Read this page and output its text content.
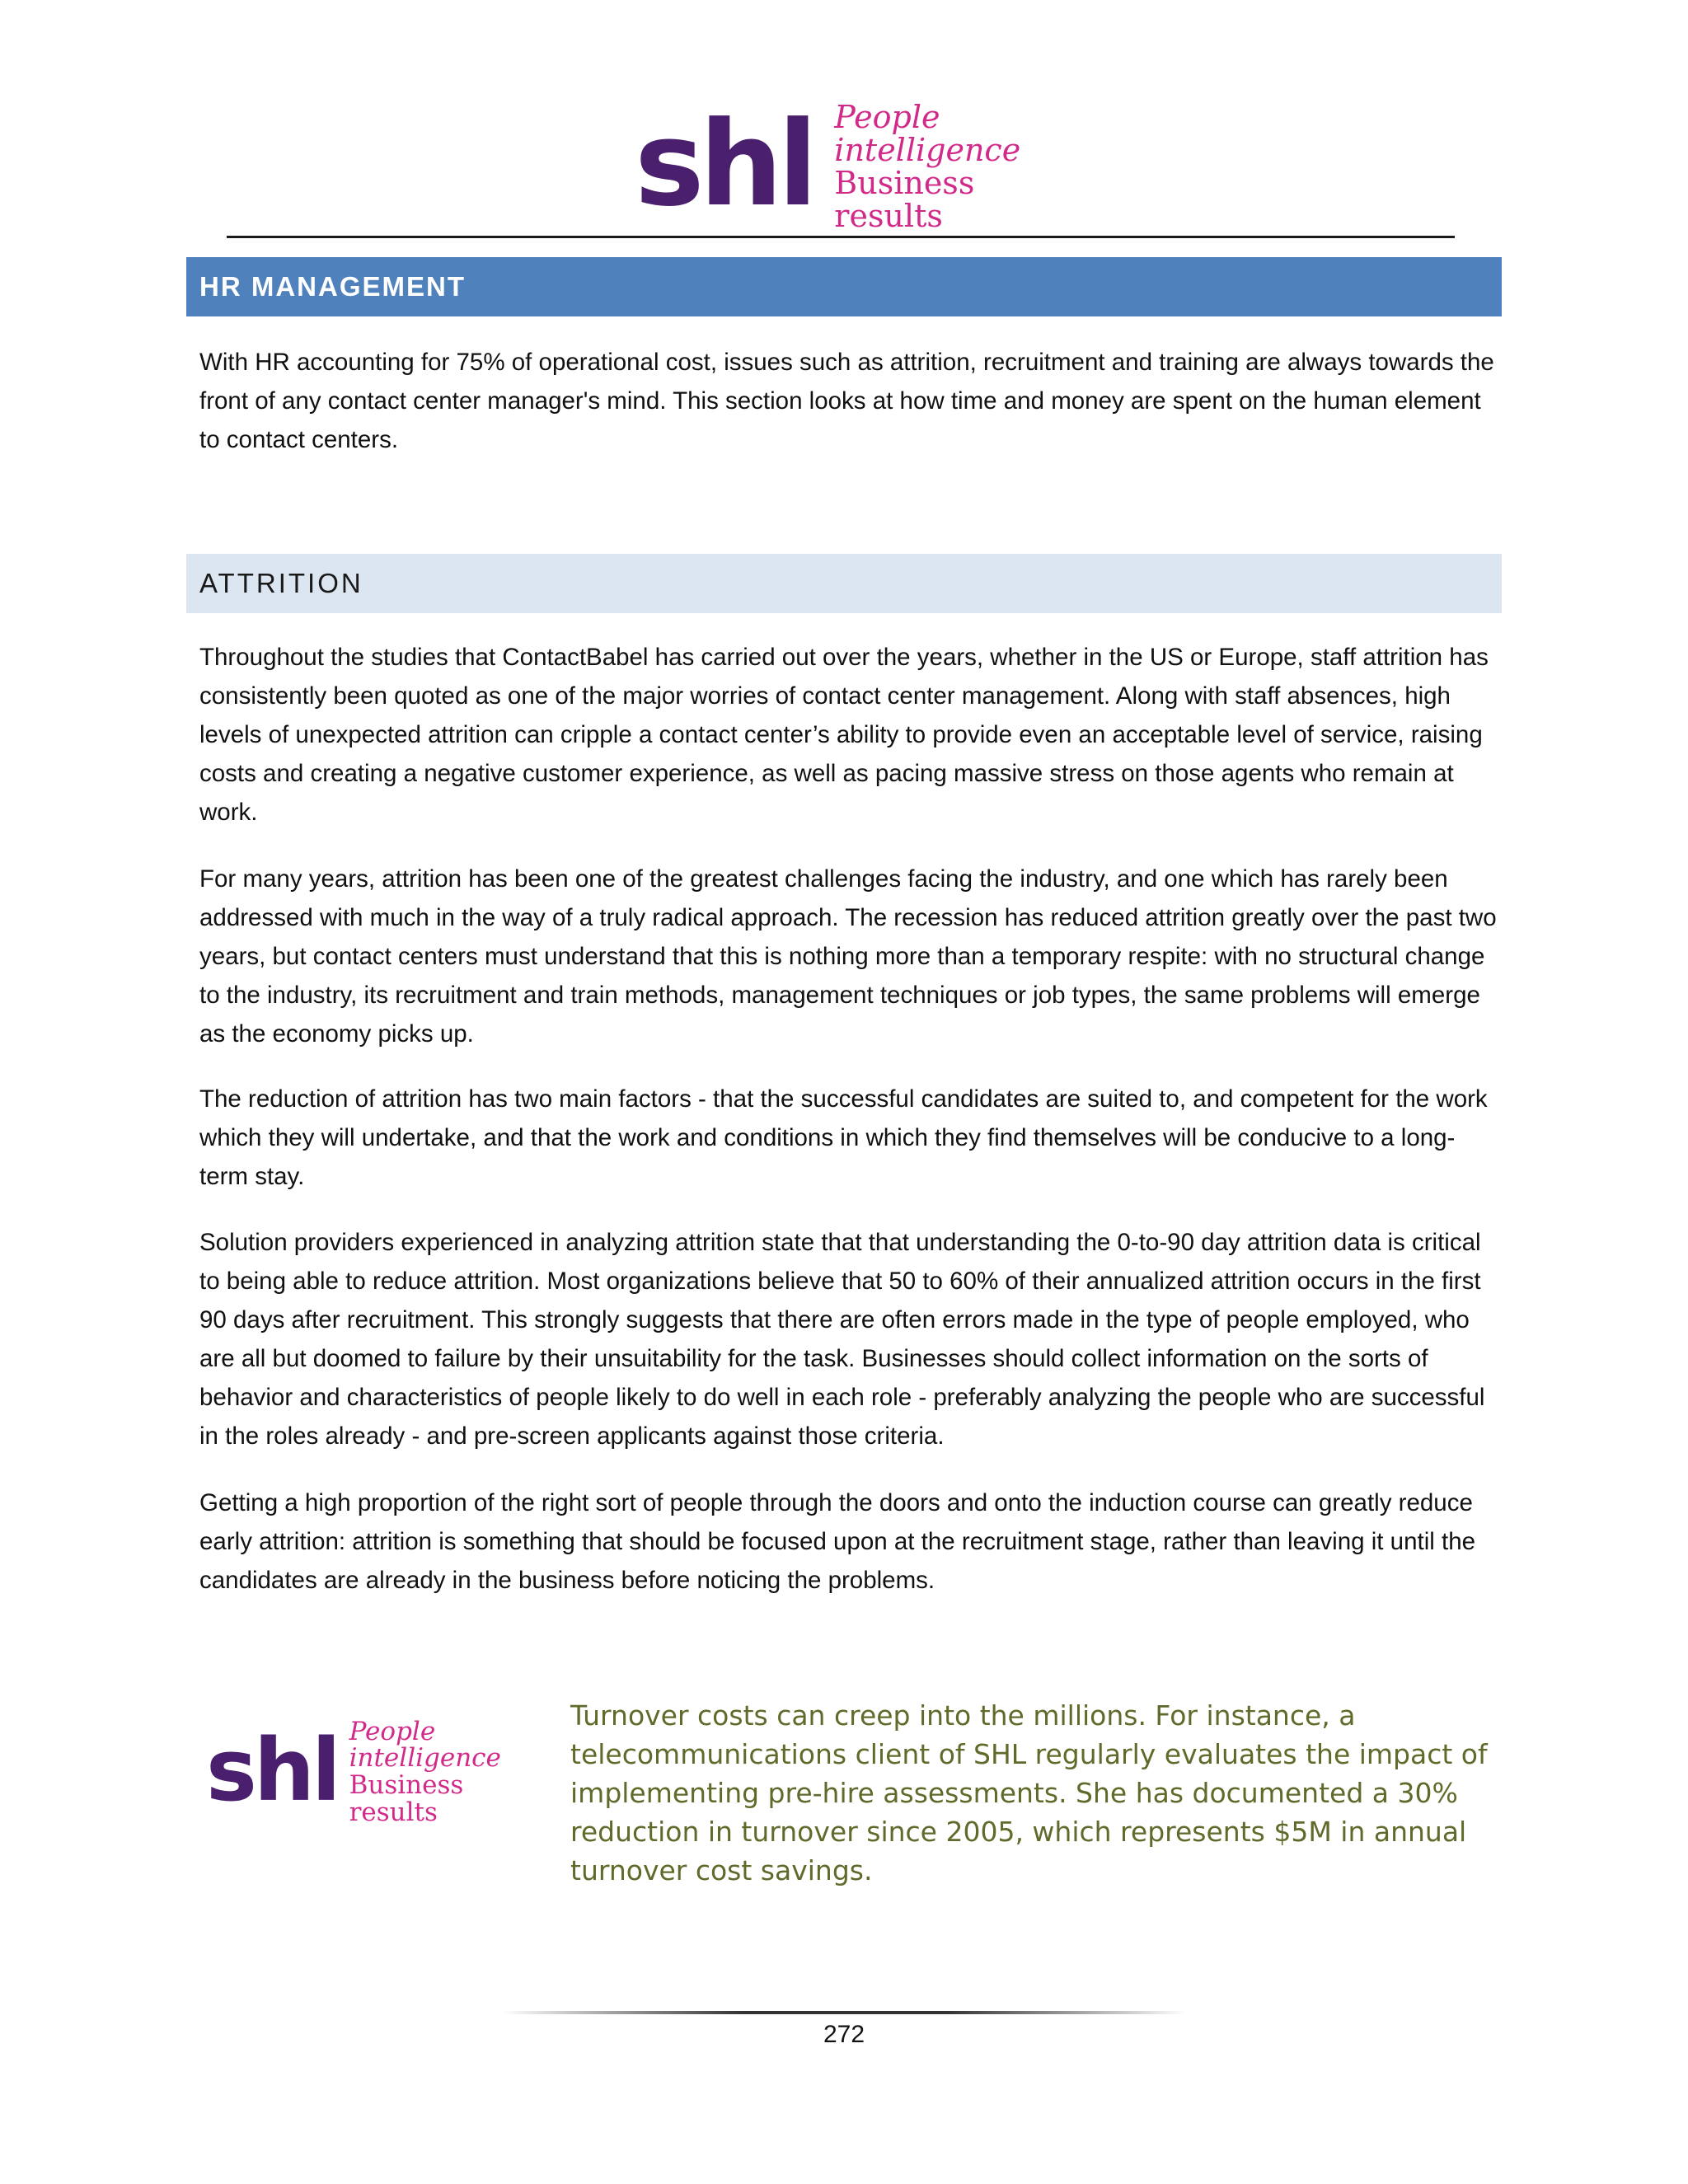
shl People intelligence
Business results
HR MANAGEMENT

With HR accounting for 75% of operational cost, issues such as attrition, recruitment and training are always towards the front of any contact center manager's mind. This section looks at how time and money are spent on the human element to contact centers.

ATTRITION

Throughout the studies that ContactBabel has carried out over the years, whether in the US or Europe, staff attrition has consistently been quoted as one of the major worries of contact center management. Along with staff absences, high levels of unexpected attrition can cripple a contact center’s ability to provide even an acceptable level of service, raising costs and creating a negative customer experience, as well as pacing massive stress on those agents who remain at work.

For many years, attrition has been one of the greatest challenges facing the industry, and one which has rarely been addressed with much in the way of a truly radical approach. The recession has reduced attrition greatly over the past two years, but contact centers must understand that this is nothing more than a temporary respite: with no structural change to the industry, its recruitment and train methods, management techniques or job types, the same problems will emerge as the economy picks up.

The reduction of attrition has two main factors - that the successful candidates are suited to, and competent for the work which they will undertake, and that the work and conditions in which they find themselves will be conducive to a long-term stay.

Solution providers experienced in analyzing attrition state that that understanding the 0-to-90 day attrition data is critical to being able to reduce attrition. Most organizations believe that 50 to 60% of their annualized attrition occurs in the first 90 days after recruitment. This strongly suggests that there are often errors made in the type of people employed, who are all but doomed to failure by their unsuitability for the task. Businesses should collect information on the sorts of behavior and characteristics of people likely to do well in each role - preferably analyzing the people who are successful in the roles already - and pre-screen applicants against those criteria.

Getting a high proportion of the right sort of people through the doors and onto the induction course can greatly reduce early attrition: attrition is something that should be focused upon at the recruitment stage, rather than leaving it until the candidates are already in the business before noticing the problems.

shl People intelligence
Business results

Turnover costs can creep into the millions. For instance, a telecommunications client of SHL regularly evaluates the impact of implementing pre-hire assessments. She has documented a 30% reduction in turnover since 2005, which represents $5M in annual turnover cost savings.

272
